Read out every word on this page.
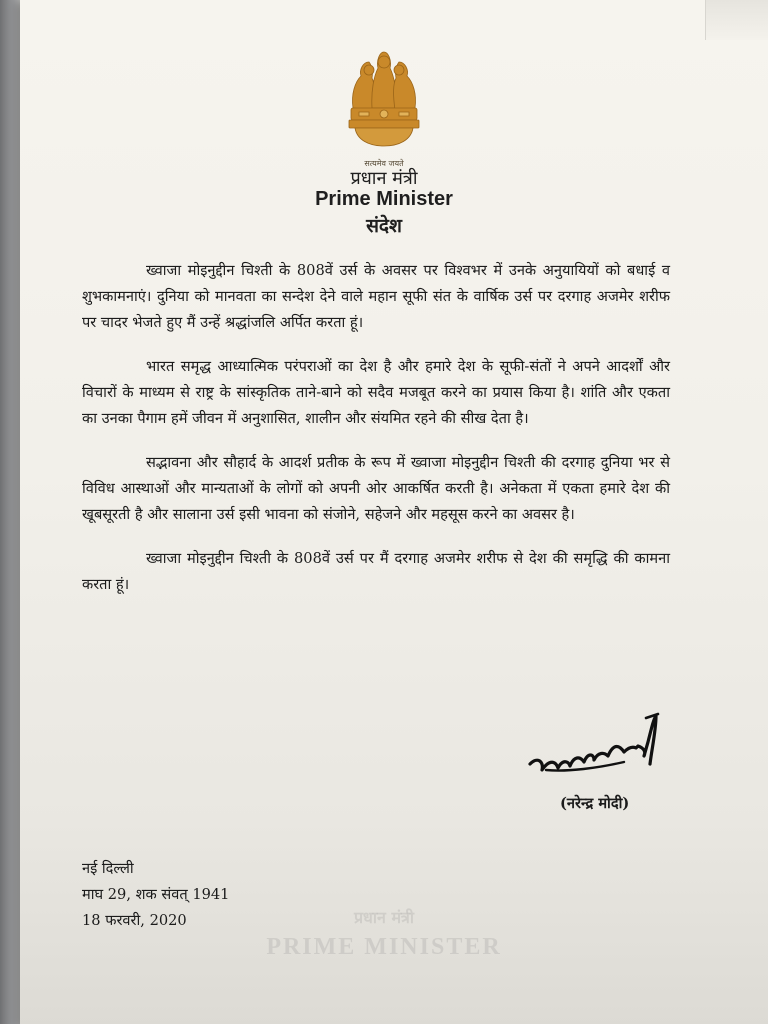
प्रधान मंत्री
PRIME MINISTER
सत्यमेव जयते
प्रधान मंत्री
Prime Minister
संदेश

ख्वाजा मोइनुद्दीन चिश्ती के 808वें उर्स के अवसर पर विश्वभर में उनके अनुयायियों को बधाई व शुभकामनाएं। दुनिया को मानवता का सन्देश देने वाले महान सूफी संत के वार्षिक उर्स पर दरगाह अजमेर शरीफ पर चादर भेजते हुए मैं उन्हें श्रद्धांजलि अर्पित करता हूं।

भारत समृद्ध आध्यात्मिक परंपराओं का देश है और हमारे देश के सूफी-संतों ने अपने आदर्शों और विचारों के माध्यम से राष्ट्र के सांस्कृतिक ताने-बाने को सदैव मजबूत करने का प्रयास किया है। शांति और एकता का उनका पैगाम हमें जीवन में अनुशासित, शालीन और संयमित रहने की सीख देता है।

सद्भावना और सौहार्द के आदर्श प्रतीक के रूप में ख्वाजा मोइनुद्दीन चिश्ती की दरगाह दुनिया भर से विविध आस्थाओं और मान्यताओं के लोगों को अपनी ओर आकर्षित करती है। अनेकता में एकता हमारे देश की खूबसूरती है और सालाना उर्स इसी भावना को संजोने, सहेजने और महसूस करने का अवसर है।

ख्वाजा मोइनुद्दीन चिश्ती के 808वें उर्स पर मैं दरगाह अजमेर शरीफ से देश की समृद्धि की कामना करता हूं।

(नरेन्द्र मोदी)
नई दिल्ली
माघ 29, शक संवत् 1941
18 फरवरी, 2020
